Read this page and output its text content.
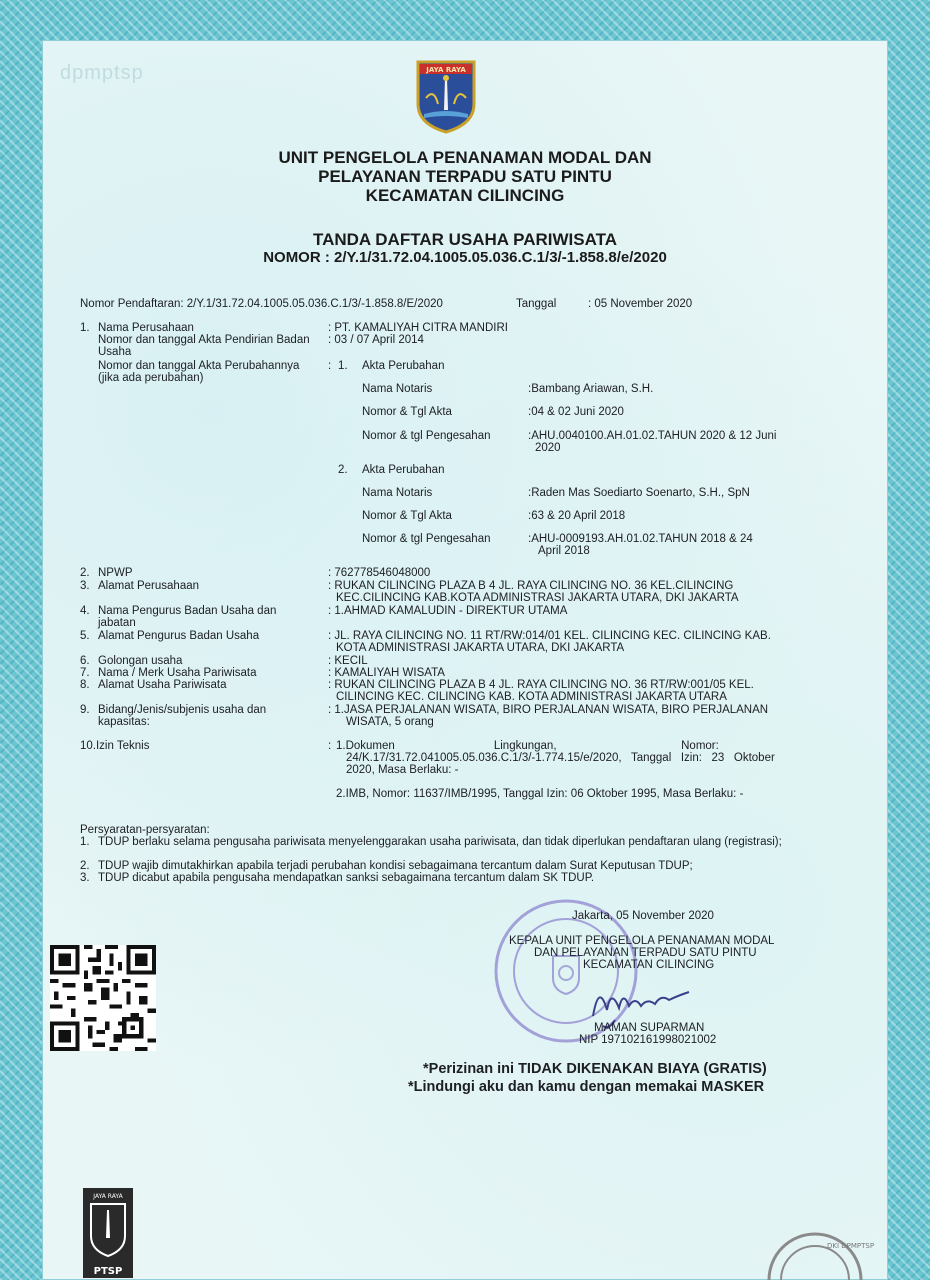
dpmptsp	JAYA RAYA
UNIT PENGELOLA PENANAMAN MODAL DAN
PELAYANAN TERPADU SATU PINTU
KECAMATAN CILINCING
TANDA DAFTAR USAHA PARIWISATA
NOMOR : 2/Y.1/31.72.04.1005.05.036.C.1/3/-1.858.8/e/2020
Nomor Pendaftaran: 2/Y.1/31.72.04.1005.05.036.C.1/3/-1.858.8/E/2020	Tanggal	: 05 November 2020
1. Nama Perusahaan	: PT. KAMALIYAH CITRA MANDIRI
Nomor dan tanggal Akta Pendirian Badan : 03 / 07 April 2014
Usaha
Nomor dan tanggal Akta Perubahannya :
(jika ada perubahan)
1. Akta Perubahan
Nama Notaris	:Bambang Ariawan, S.H.
Nomor & Tgl Akta	:04 & 02 Juni 2020
Nomor & tgl Pengesahan	:AHU.0040100.AH.01.02.TAHUN 2020 & 12 Juni
2020
2. Akta Perubahan
Nama Notaris	:Raden Mas Soediarto Soenarto, S.H., SpN
Nomor & Tgl Akta	:63 & 20 April 2018
Nomor & tgl Pengesahan	:AHU-0009193.AH.01.02.TAHUN 2018 & 24
April 2018
2. NPWP	: 762778546048000
3. Alamat Perusahaan	: RUKAN CILINCING PLAZA B 4 JL. RAYA CILINCING NO. 36 KEL.CILINCING
KEC.CILINCING KAB.KOTA ADMINISTRASI JAKARTA UTARA, DKI JAKARTA
4. Nama Pengurus Badan Usaha dan	: 1.AHMAD KAMALUDIN - DIREKTUR UTAMA
jabatan
5. Alamat Pengurus Badan Usaha	: JL. RAYA CILINCING NO. 11 RT/RW:014/01 KEL. CILINCING KEC. CILINCING KAB.
KOTA ADMINISTRASI JAKARTA UTARA, DKI JAKARTA
6. Golongan usaha	: KECIL
7. Nama / Merk Usaha Pariwisata	: KAMALIYAH WISATA
8. Alamat Usaha Pariwisata	: RUKAN CILINCING PLAZA B 4 JL. RAYA CILINCING NO. 36 RT/RW:001/05 KEL.
CILINCING KEC. CILINCING KAB. KOTA ADMINISTRASI JAKARTA UTARA
9. Bidang/Jenis/subjenis usaha dan	: 1.JASA PERJALANAN WISATA, BIRO PERJALANAN WISATA, BIRO PERJALANAN
kapasitas:	WISATA, 5 orang
10.Izin Teknis	: 1.Dokumen                               Lingkungan,                                       Nomor:
24/K.17/31.72.041005.05.036.C.1/3/-1.774.15/e/2020,   Tanggal   Izin:   23   Oktober
2020, Masa Berlaku: -
2.IMB, Nomor: 11637/IMB/1995, Tanggal Izin: 06 Oktober 1995, Masa Berlaku: -
Persyaratan-persyaratan:
1. TDUP berlaku selama pengusaha pariwisata menyelenggarakan usaha pariwisata, dan tidak diperlukan pendaftaran ulang (registrasi);
2. TDUP wajib dimutakhirkan apabila terjadi perubahan kondisi sebagaimana tercantum dalam Surat Keputusan TDUP;
3. TDUP dicabut apabila pengusaha mendapatkan sanksi sebagaimana tercantum dalam SK TDUP.
Jakarta, 05 November 2020
KEPALA UNIT PENGELOLA PENANAMAN MODAL
DAN PELAYANAN TERPADU SATU PINTU
KECAMATAN CILINCING
MAMAN SUPARMAN
NIP 197102161998021002
*Perizinan ini TIDAK DIKENAKAN BIAYA (GRATIS)
*Lindungi aku dan kamu dengan memakai MASKER
JAYA RAYA
PTSP
DKI DPMPTSP
